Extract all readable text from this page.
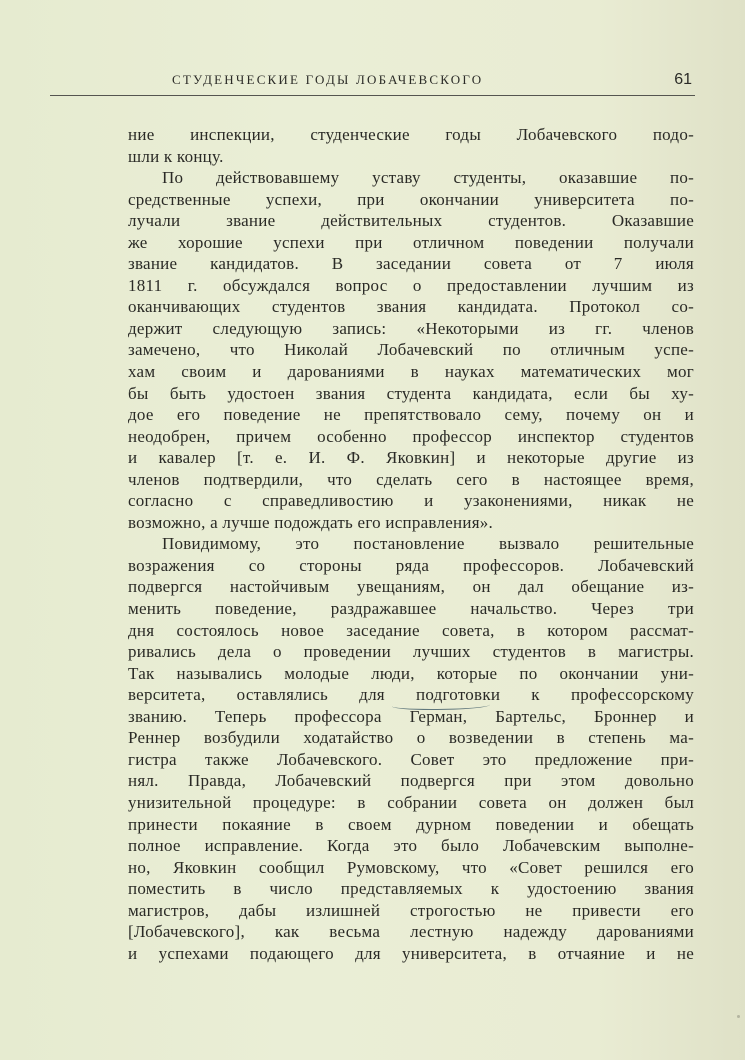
СТУДЕНЧЕСКИЕ ГОДЫ ЛОБАЧЕВСКОГО	61
ние инспекции, студенческие годы Лобачевского подо-
шли к концу.
По действовавшему уставу студенты, оказавшие по-
средственные успехи, при окончании университета по-
лучали звание действительных студентов. Оказавшие
же хорошие успехи при отличном поведении получали
звание кандидатов. В заседании совета от 7 июля
1811 г. обсуждался вопрос о предоставлении лучшим из
оканчивающих студентов звания кандидата. Протокол со-
держит следующую запись: «Некоторыми из гг. членов
замечено, что Николай Лобачевский по отличным успе-
хам своим и дарованиями в науках математических мог
бы быть удостоен звания студента кандидата, если бы ху-
дое его поведение не препятствовало сему, почему он и
неодобрен, причем особенно профессор инспектор студентов
и кавалер [т. е. И. Ф. Яковкин] и некоторые другие из
членов подтвердили, что сделать сего в настоящее время,
согласно с справедливостию и узаконениями, никак не
возможно, а лучше подождать его исправления».
Повидимому, это постановление вызвало решительные
возражения со стороны ряда профессоров. Лобачевский
подвергся настойчивым увещаниям, он дал обещание из-
менить поведение, раздражавшее начальство. Через три
дня состоялось новое заседание совета, в котором рассмат-
ривались дела о проведении лучших студентов в магистры.
Так назывались молодые люди, которые по окончании уни-
верситета, оставлялись для подготовки к профессорскому
званию. Теперь профессора Герман, Бартельс, Броннер и
Реннер возбудили ходатайство о возведении в степень ма-
гистра также Лобачевского. Совет это предложение при-
нял. Правда, Лобачевский подвергся при этом довольно
унизительной процедуре: в собрании совета он должен был
принести покаяние в своем дурном поведении и обещать
полное исправление. Когда это было Лобачевским выполне-
но, Яковкин сообщил Румовскому, что «Совет решился его
поместить в число представляемых к удостоению звания
магистров, дабы излишней строгостью не привести его
[Лобачевского], как весьма лестную надежду дарованиями
и успехами подающего для университета, в отчаяние и не
